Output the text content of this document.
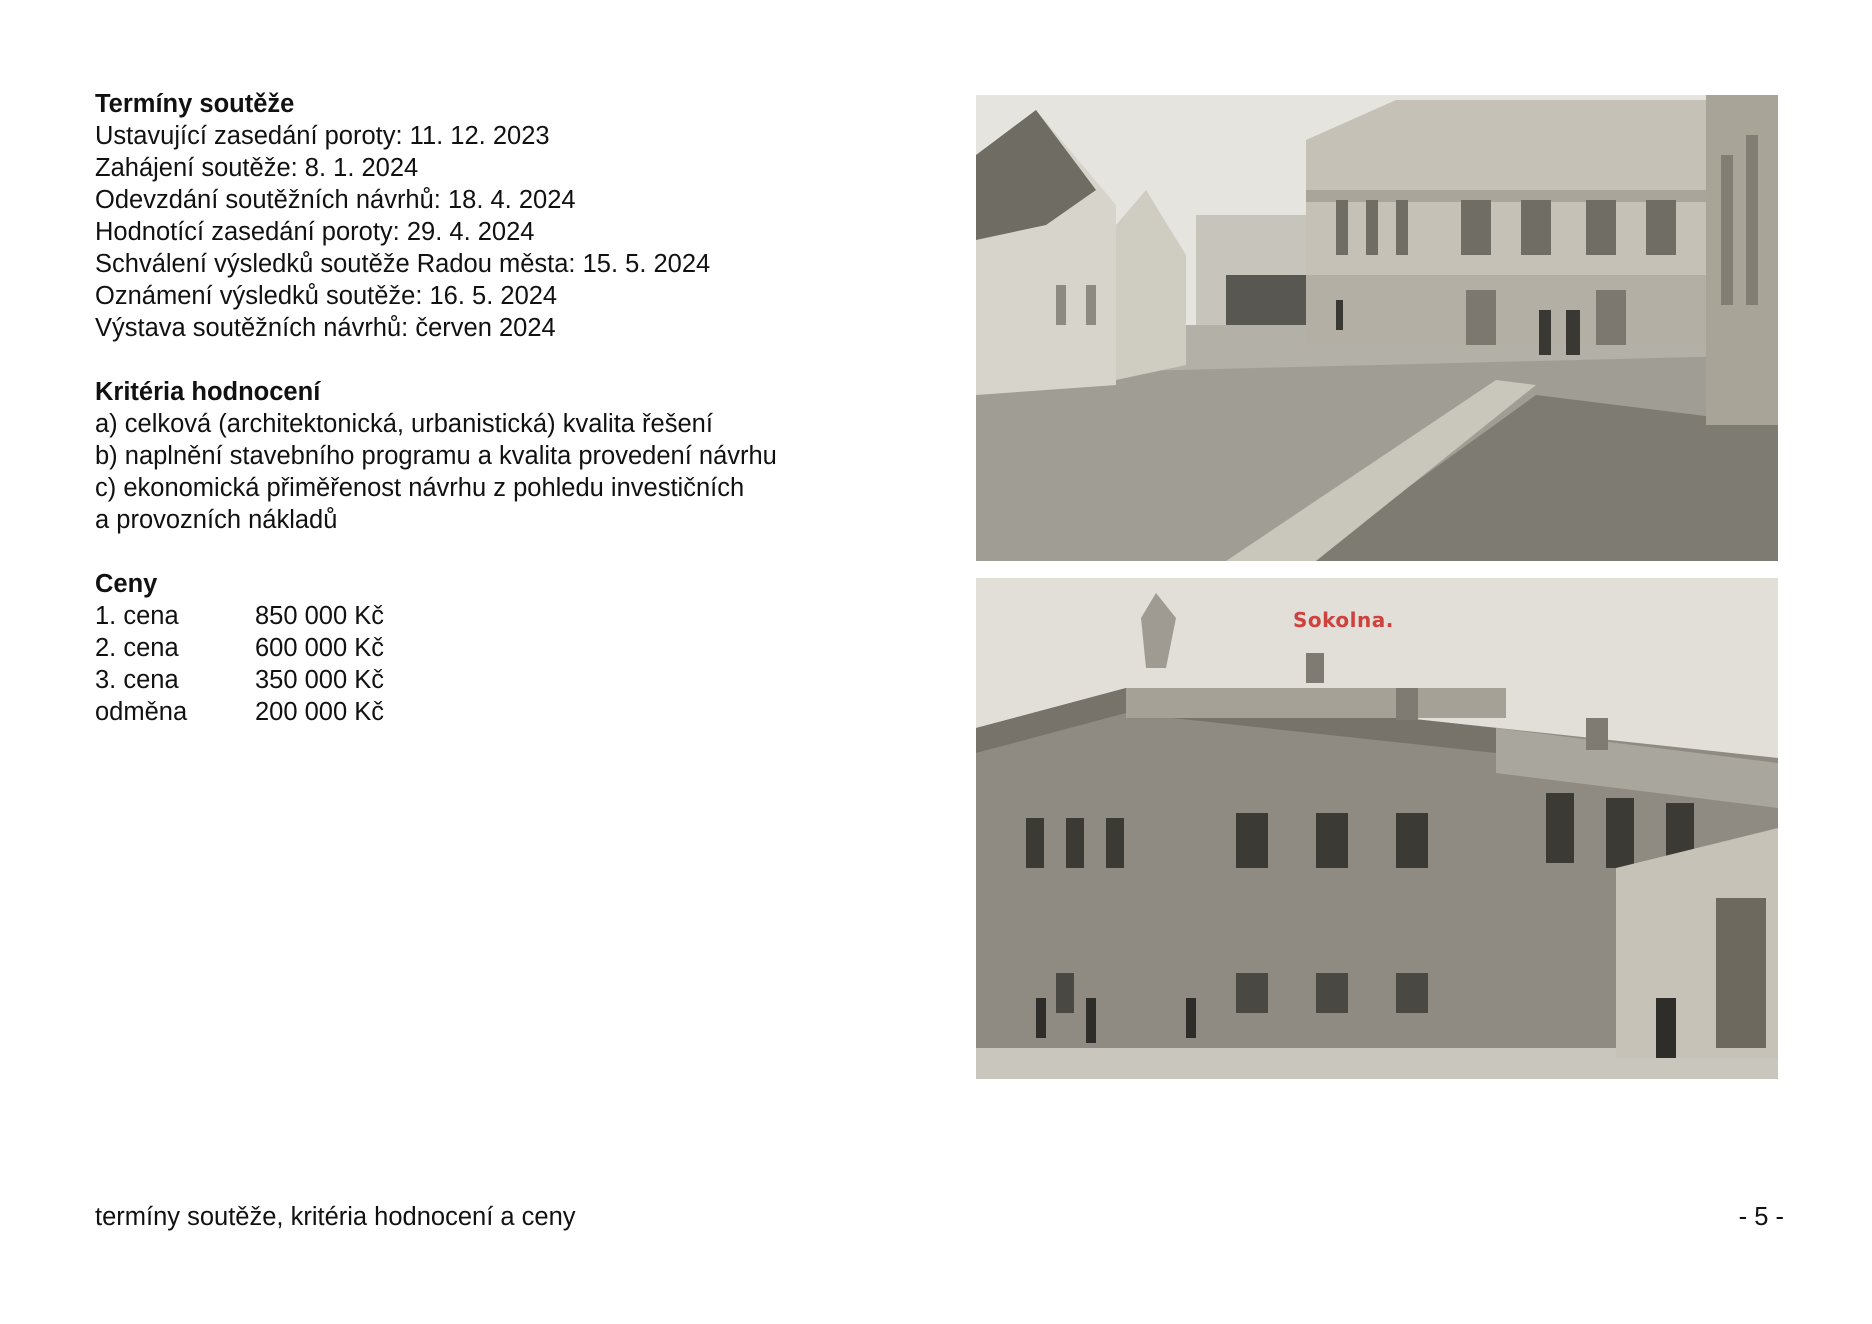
Termíny soutěže
Ustavující zasedání poroty: 11. 12. 2023
Zahájení soutěže: 8. 1. 2024
Odevzdání soutěžních návrhů: 18. 4. 2024
Hodnotící zasedání poroty: 29. 4. 2024
Schválení výsledků soutěže Radou města: 15. 5. 2024
Oznámení výsledků soutěže: 16. 5. 2024
Výstava soutěžních návrhů: červen 2024
Kritéria hodnocení
a) celková (architektonická, urbanistická) kvalita řešení
b) naplnění stavebního programu a kvalita provedení návrhu
c) ekonomická přiměřenost návrhu z pohledu investičních
a provozních nákladů
Ceny
1. cena	850 000 Kč
2. cena	600 000 Kč
3. cena	350 000 Kč
odměna	200 000 Kč
Sokolna.
termíny soutěže, kritéria hodnocení a ceny	- 5 -
